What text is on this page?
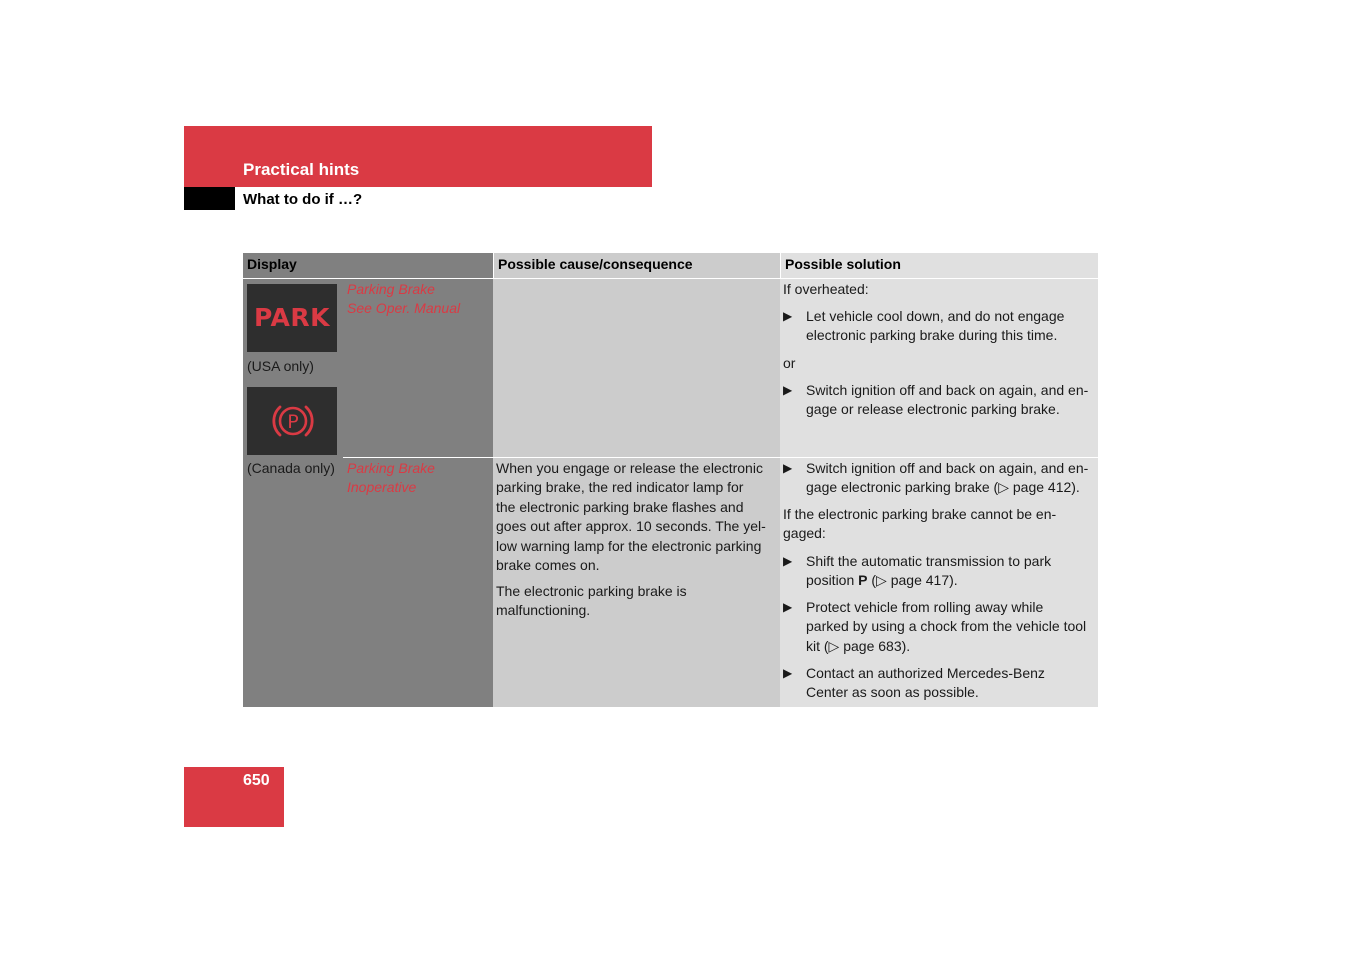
Practical hints
What to do if …?
Display	Possible cause/consequence	Possible solution
PARK
Parking Brake
See Oper. Manual
(USA only)
P
If overheated:
▶ Let vehicle cool down, and do not engage
electronic parking brake during this time.
or
▶ Switch ignition off and back on again, and en-
gage or release electronic parking brake.
(Canada only) Parking Brake
Inoperative
When you engage or release the electronic
parking brake, the red indicator lamp for
the electronic parking brake flashes and
goes out after approx. 10 seconds. The yel-
low warning lamp for the electronic parking
brake comes on.
The electronic parking brake is
malfunctioning.
▶ Switch ignition off and back on again, and en-
gage electronic parking brake (▷ page 412).
If the electronic parking brake cannot be en-
gaged:
▶ Shift the automatic transmission to park
position P (▷ page 417).
▶ Protect vehicle from rolling away while
parked by using a chock from the vehicle tool
kit (▷ page 683).
▶ Contact an authorized Mercedes-Benz
Center as soon as possible.
650
